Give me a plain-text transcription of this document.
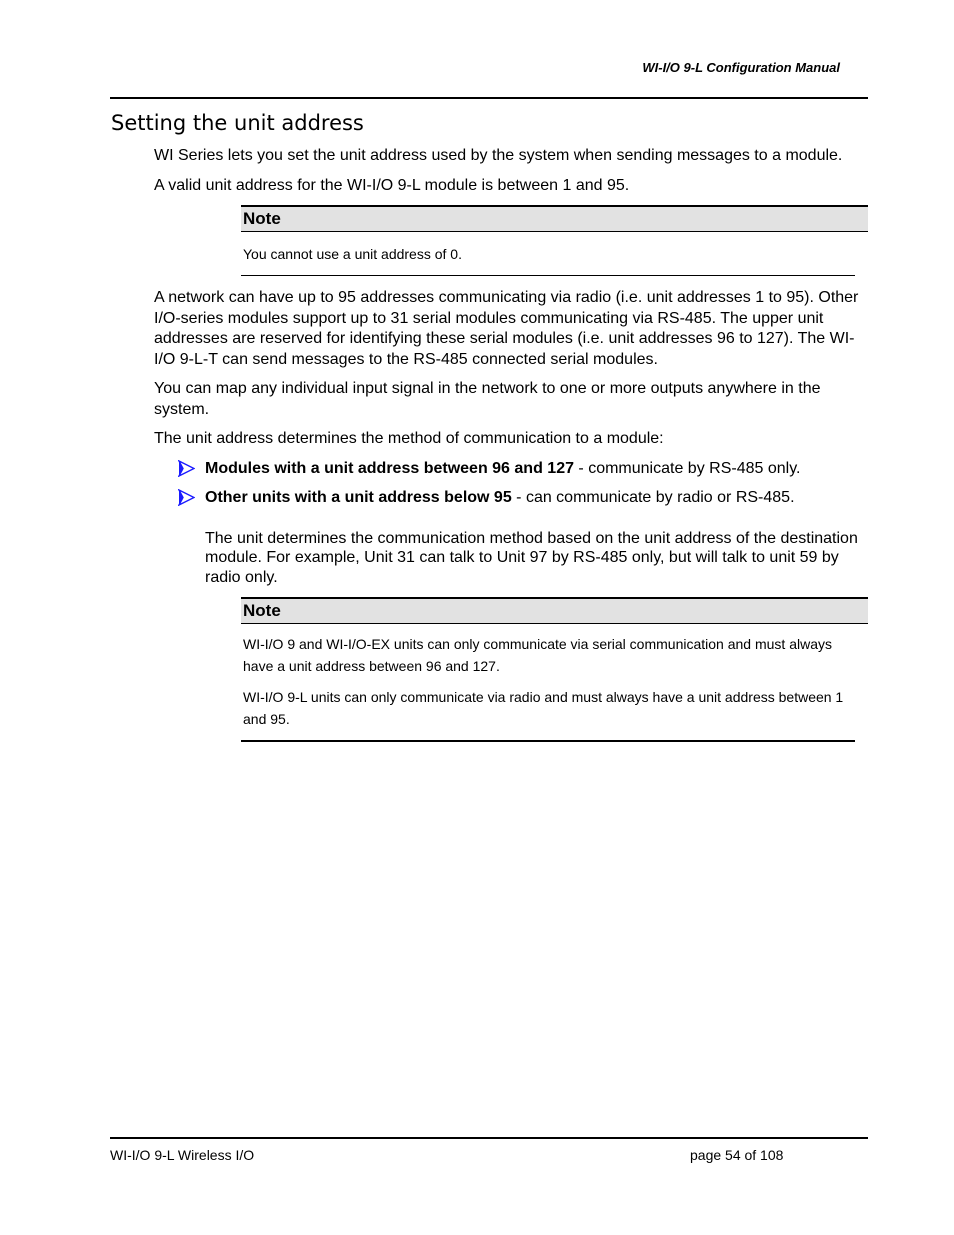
WI-I/O 9-L Configuration Manual
Setting the unit address

WI Series lets you set the unit address used by the system when sending messages to a module.

A valid unit address for the WI-I/O 9-L module is between 1 and 95.

Note

You cannot use a unit address of 0.

A network can have up to 95 addresses communicating via radio (i.e. unit addresses 1 to 95). Other I/O-series modules support up to 31 serial modules communicating via RS-485. The upper unit addresses are reserved for identifying these serial modules (i.e. unit addresses 96 to 127). The WI-I/O 9-L-T can send messages to the RS-485 connected serial modules.

You can map any individual input signal in the network to one or more outputs anywhere in the system.

The unit address determines the method of communication to a module:

Modules with a unit address between 96 and 127 - communicate by RS-485 only.
Other units with a unit address below 95 - can communicate by radio or RS-485.

The unit determines the communication method based on the unit address of the destination module. For example, Unit 31 can talk to Unit 97 by RS-485 only, but will talk to unit 59 by radio only.

Note

WI-I/O 9 and WI-I/O-EX units can only communicate via serial communication and must always have a unit address between 96 and 127.

WI-I/O 9-L units can only communicate via radio and must always have a unit address between 1 and 95.

WI-I/O 9-L Wireless I/O	page 54 of 108
